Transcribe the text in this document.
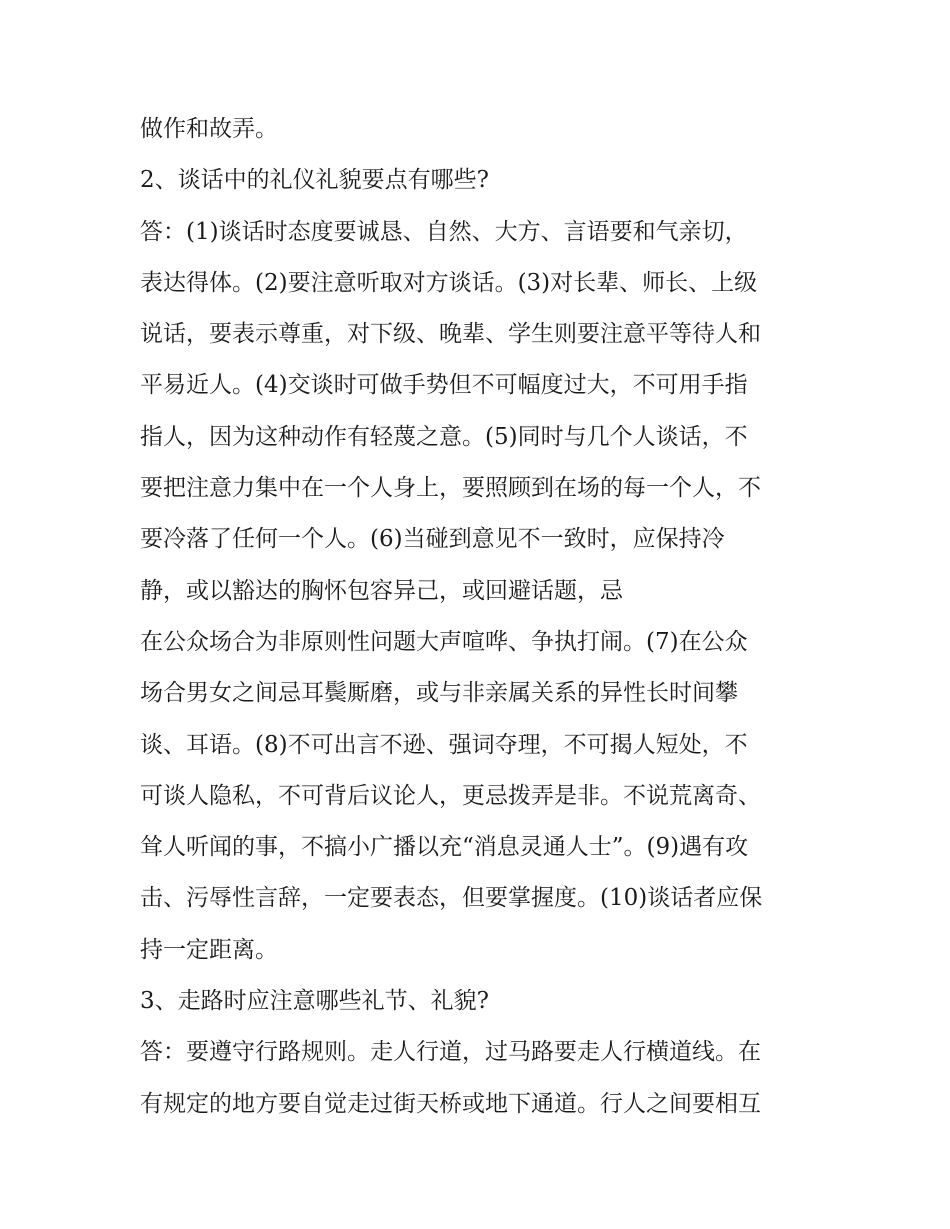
做作和故弄。
2、谈话中的礼仪礼貌要点有哪些?
答：(1)谈话时态度要诚恳、自然、大方、言语要和气亲切，
表达得体。(2)要注意听取对方谈话。(3)对长辈、师长、上级
说话，要表示尊重，对下级、晚辈、学生则要注意平等待人和
平易近人。(4)交谈时可做手势但不可幅度过大，不可用手指
指人，因为这种动作有轻蔑之意。(5)同时与几个人谈话，不
要把注意力集中在一个人身上，要照顾到在场的每一个人，不
要冷落了任何一个人。(6)当碰到意见不一致时，应保持冷
静，或以豁达的胸怀包容异己，或回避话题，忌
在公众场合为非原则性问题大声喧哗、争执打闹。(7)在公众
场合男女之间忌耳鬓厮磨，或与非亲属关系的异性长时间攀
谈、耳语。(8)不可出言不逊、强词夺理，不可揭人短处，不
可谈人隐私，不可背后议论人，更忌拨弄是非。不说荒离奇、
耸人听闻的事，不搞小广播以充“消息灵通人士”。(9)遇有攻
击、污辱性言辞，一定要表态，但要掌握度。(10)谈话者应保
持一定距离。
3、走路时应注意哪些礼节、礼貌?
答：要遵守行路规则。走人行道，过马路要走人行横道线。在
有规定的地方要自觉走过街天桥或地下通道。行人之间要相互
